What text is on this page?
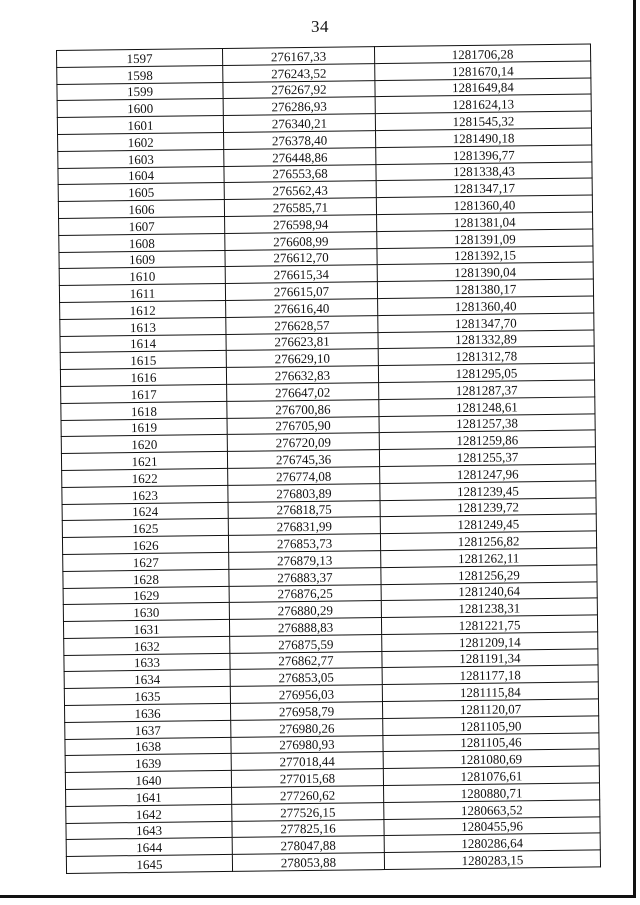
34
1597	276167,33	1281706,28
1598	276243,52	1281670,14
1599	276267,92	1281649,84
1600	276286,93	1281624,13
1601	276340,21	1281545,32
1602	276378,40	1281490,18
1603	276448,86	1281396,77
1604	276553,68	1281338,43
1605	276562,43	1281347,17
1606	276585,71	1281360,40
1607	276598,94	1281381,04
1608	276608,99	1281391,09
1609	276612,70	1281392,15
1610	276615,34	1281390,04
1611	276615,07	1281380,17
1612	276616,40	1281360,40
1613	276628,57	1281347,70
1614	276623,81	1281332,89
1615	276629,10	1281312,78
1616	276632,83	1281295,05
1617	276647,02	1281287,37
1618	276700,86	1281248,61
1619	276705,90	1281257,38
1620	276720,09	1281259,86
1621	276745,36	1281255,37
1622	276774,08	1281247,96
1623	276803,89	1281239,45
1624	276818,75	1281239,72
1625	276831,99	1281249,45
1626	276853,73	1281256,82
1627	276879,13	1281262,11
1628	276883,37	1281256,29
1629	276876,25	1281240,64
1630	276880,29	1281238,31
1631	276888,83	1281221,75
1632	276875,59	1281209,14
1633	276862,77	1281191,34
1634	276853,05	1281177,18
1635	276956,03	1281115,84
1636	276958,79	1281120,07
1637	276980,26	1281105,90
1638	276980,93	1281105,46
1639	277018,44	1281080,69
1640	277015,68	1281076,61
1641	277260,62	1280880,71
1642	277526,15	1280663,52
1643	277825,16	1280455,96
1644	278047,88	1280286,64
1645	278053,88	1280283,15
